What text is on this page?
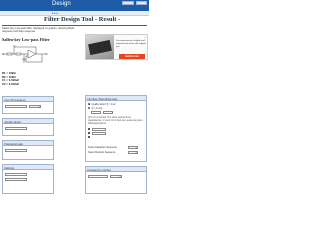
Design
▸ ▸ ▸
Filter Design Tool - Result -
Sallen-Key Low-pass filter. displayed on graphs, showing Bode
response and Step response
Sallen-key Low-pass Filter	Our experienced, reliable and experienced teams will support you
mektronen
✕
R1 = 10kΩ
R2 = 10kΩ
C1 = 0.016uF
C2 = 0.016uF
Cut off frequency
▾
Quality factor
Passband gain
Ratings
Number (Sampling rate)
Quality factor Q = 1/√2
Q = 1/√(3)
Q=1/√2 is optimal. The value setting these
capacitances, C1 and C2 of kind are needed as given
following/required.
Select Capacitor Sequence	▾
Select Resistor Sequence	▾
Frequency number
▾
